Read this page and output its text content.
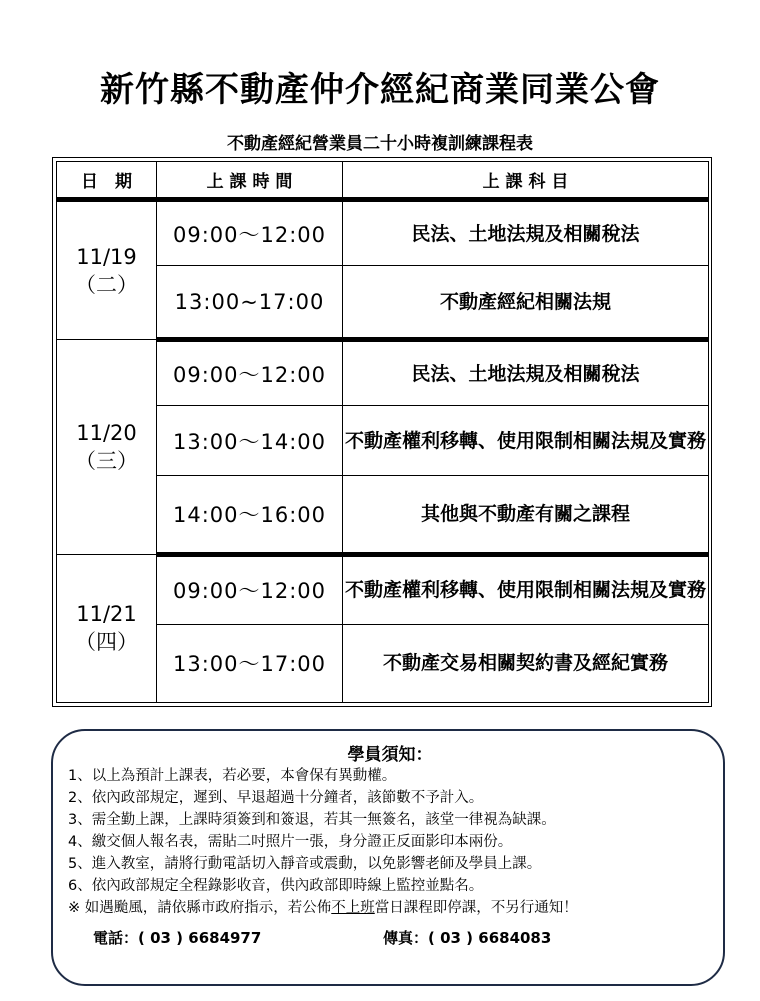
新竹縣不動產仲介經紀商業同業公會
不動產經紀營業員二十小時複訓練課程表
日　期	上 課 時 間	上 課 科 目

11/19
（二）	09:00～12:00	民法、土地法規及相關稅法
	13:00~17:00	不動產經紀相關法規

11/20
（三）	09:00～12:00	民法、土地法規及相關稅法
	13:00～14:00	不動產權利移轉、使用限制相關法規及實務
	14:00～16:00	其他與不動產有關之課程

11/21
（四）	09:00～12:00	不動產權利移轉、使用限制相關法規及實務
	13:00～17:00	不動產交易相關契約書及經紀實務
學員須知：
1、以上為預計上課表，若必要，本會保有異動權。
2、依內政部規定，遲到、早退超過十分鐘者，該節數不予計入。
3、需全勤上課，上課時須簽到和簽退，若其一無簽名，該堂一律視為缺課。
4、繳交個人報名表，需貼二吋照片一張，身分證正反面影印本兩份。
5、進入教室，請將行動電話切入靜音或震動，以免影響老師及學員上課。
6、依內政部規定全程錄影收音，供內政部即時線上監控並點名。
※ 如遇颱風，請依縣市政府指示，若公佈不上班當日課程即停課，不另行通知！
電話：( 03 ) 6684977	傳真：( 03 ) 6684083
